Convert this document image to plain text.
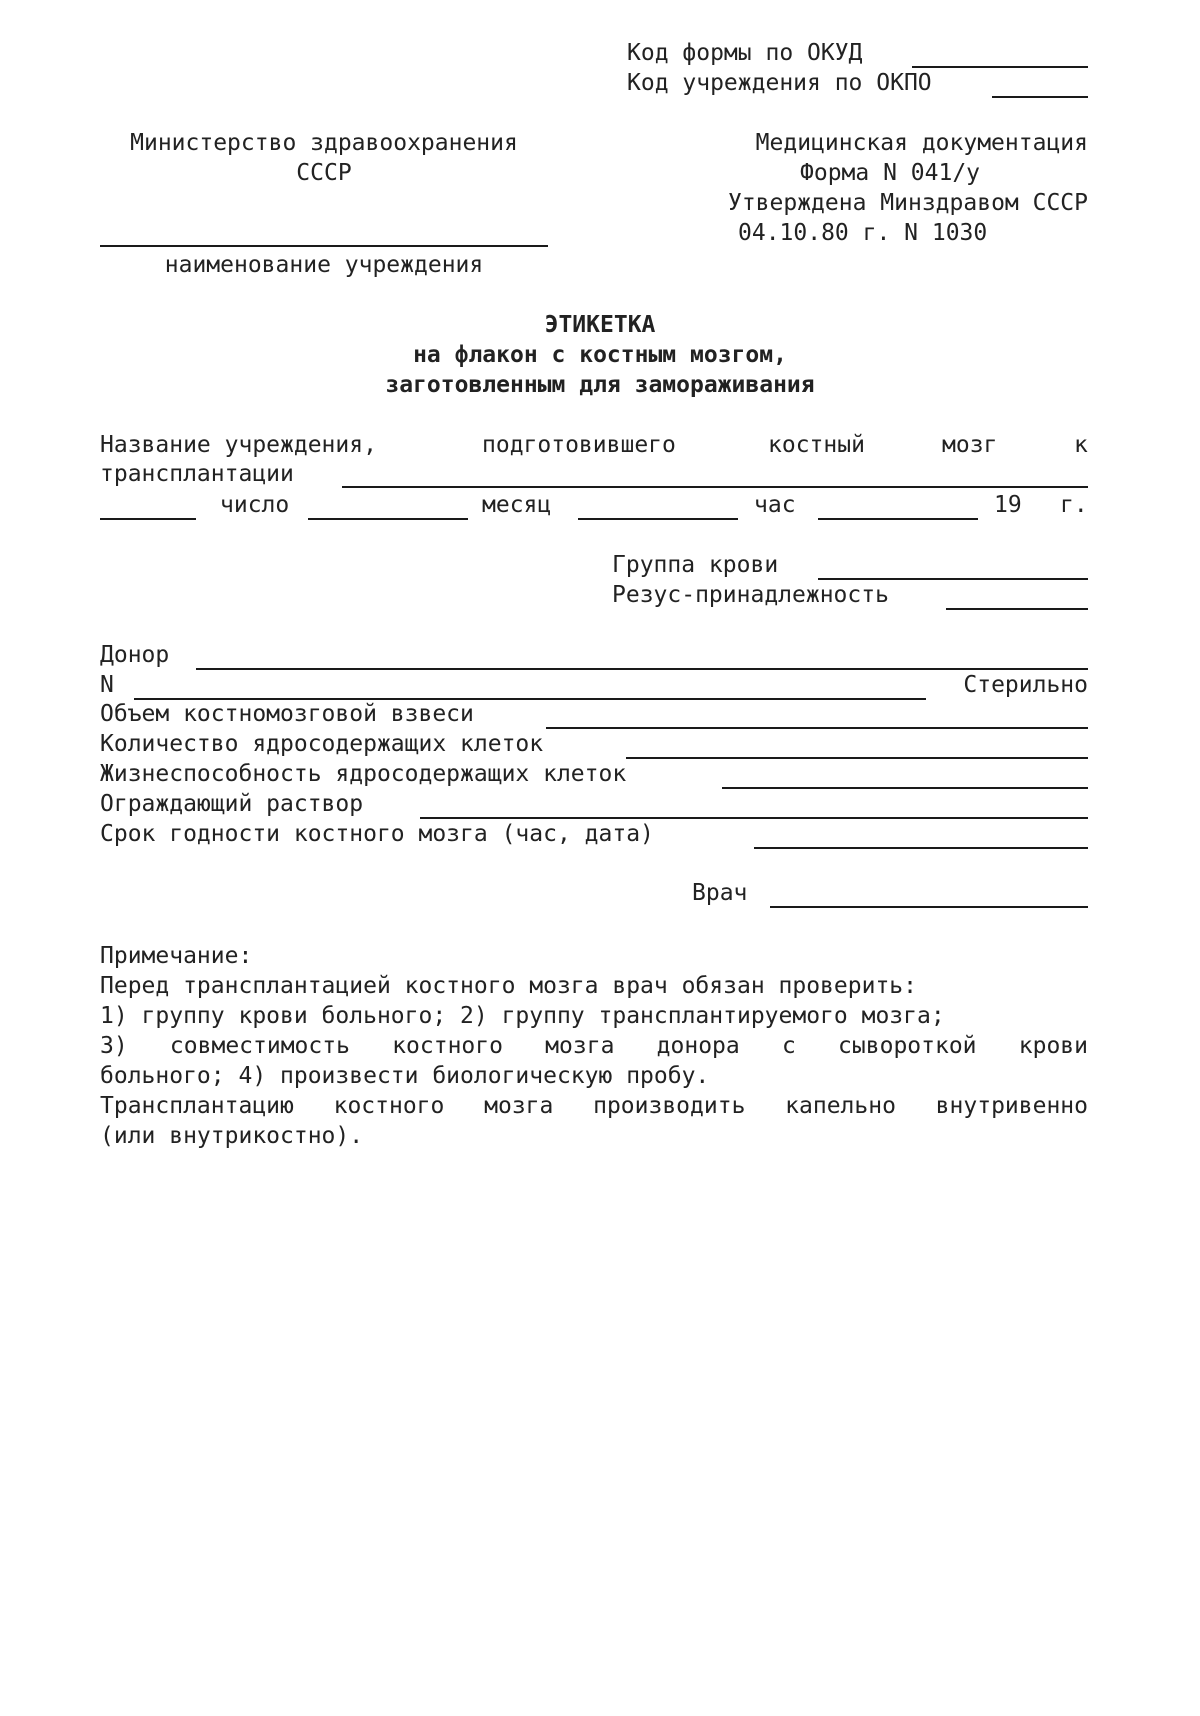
Код формы по ОКУД
Код учреждения по ОКПО
Министерство здравоохранения
СССР
наименование учреждения
Медицинская документация
Форма N 041/у
Утверждена Минздравом СССР
04.10.80 г. N 1030
ЭТИКЕТКА
на флакон с костным мозгом,
заготовленным для замораживания
Название учреждения,	подготовившего	костный	мозг	к
трансплантации
число	месяц	час	19 г.
Группа крови
Резус-принадлежность
Донор
N	Стерильно
Объем костномозговой взвеси
Количество ядросодержащих клеток
Жизнеспособность ядросодержащих клеток
Ограждающий раствор
Срок годности костного мозга (час, дата)
Врач
Примечание:
Перед трансплантацией костного мозга врач обязан проверить:
1) группу крови больного; 2) группу трансплантируемого мозга;
3) совместимость костного мозга донора с сывороткой крови
больного; 4) произвести биологическую пробу.
Трансплантацию костного мозга производить капельно внутривенно
(или внутрикостно).
